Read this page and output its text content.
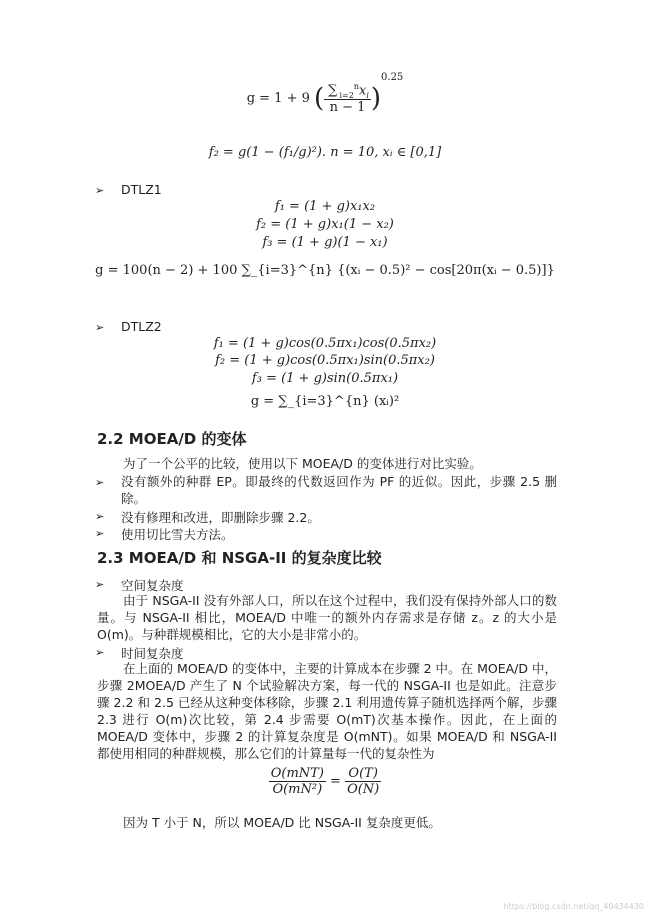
g = 1 + 9 ( $\frac{\sum _{i=2}^nx_i}{n - 1} )^{0.25}$
f₂ = g(1 − (f₁/g)²). n = 10, xᵢ ∈ [0,1]
➢ DTLZ1
f₁ = (1 + g)x₁x₂
f₂ = (1 + g)x₁(1 − x₂)
f₃ = (1 + g)(1 − x₁)
g = 100(n − 2) + 100 ∑_{i=3}^{n} {(xᵢ − 0.5)² − cos[20π(xᵢ − 0.5)]}
➢ DTLZ2
f₁ = (1 + g)cos(0.5πx₁)cos(0.5πx₂)
f₂ = (1 + g)cos(0.5πx₁)sin(0.5πx₂)
f₃ = (1 + g)sin(0.5πx₁)
g = ∑_{i=3}^{n} (xᵢ)²
2.2 MOEA/D 的变体
为了一个公平的比较，使用以下 MOEA/D 的变体进行对比实验。
➢ 没有额外的种群 EP。即最终的代数返回作为 PF 的近似。因此，步骤 2.5 删除。
➢ 没有修理和改进，即删除步骤 2.2。
➢ 使用切比雪夫方法。
2.3 MOEA/D 和 NSGA-II 的复杂度比较
➢ 空间复杂度
由于 NSGA-II 没有外部人口，所以在这个过程中，我们没有保持外部人口的数量。与 NSGA-II 相比，MOEA/D 中唯一的额外内存需求是存储 z。z 的大小是 O(m)。与种群规模相比，它的大小是非常小的。
➢ 时间复杂度
在上面的 MOEA/D 的变体中，主要的计算成本在步骤 2 中。在 MOEA/D 中，步骤 2MOEA/D 产生了 N 个试验解决方案，每一代的 NSGA-II 也是如此。注意步骤 2.2 和 2.5 已经从这种变体移除，步骤 2.1 利用遗传算子随机选择两个解，步骤 2.3 进行 O(m)次比较，第 2.4 步需要 O(mT)次基本操作。因此，在上面的 MOEA/D 变体中，步骤 2 的计算复杂度是 O(mNT)。如果 MOEA/D 和 NSGA-II 都使用相同的种群规模，那么它们的计算量每一代的复杂性为
$\frac{\text{O(mNT)}}{\text{O(mN²)}} = \frac{O(T)}{O(N)}$
因为 T 小于 N，所以 MOEA/D 比 NSGA-II 复杂度更低。
https://blog.csdn.net/qq_40434430
